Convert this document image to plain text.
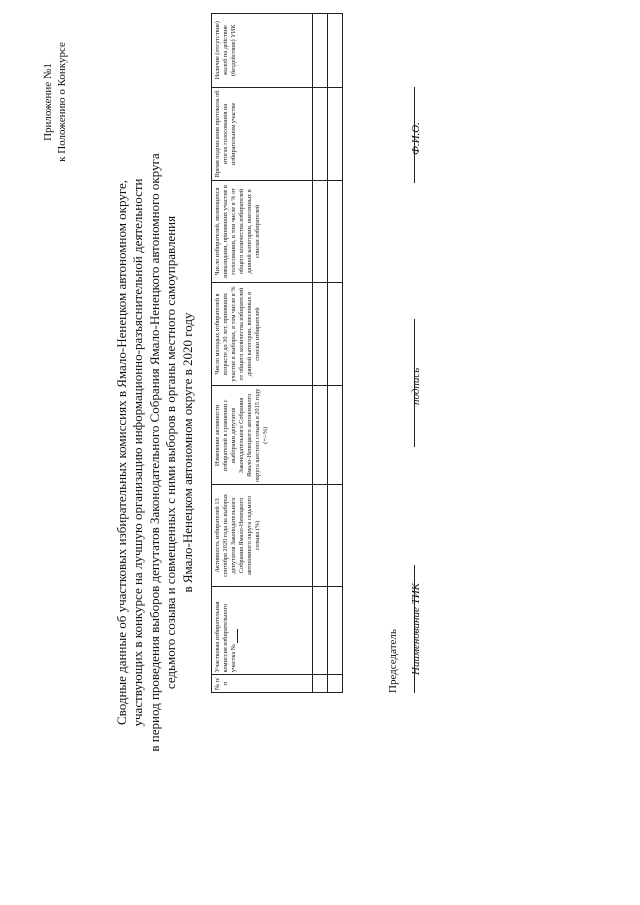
Приложение №1 к Положению о Конкурсе
Сводные данные об участковых избирательных комиссиях в Ямало-Ненецком автономном округе, участвующих в конкурсе на лучшую организацию информационно-разъяснительной деятельности в период проведения выборов депутатов Законодательного Собрания Ямало-Ненецкого автономного округа седьмого созыва и совмещенных с ними выборов в органы местного самоуправления в Ямало-Ненецком автономном округе в 2020 году
№ п/п	Участковая избирательная комиссия избирательного участка №	Активность избирателей 13 сентября 2020 года на выборах депутатов Законодательного Собрания Ямало-Ненецкого автономного округа седьмого созыва (%)	Изменение активности избирателей в сравнении с выборами депутатов Законодательного Собрания Ямало-Ненецкого автономного округа шестого созыва в 2015 году (+/-%)	Число молодых избирателей в возрасте до 30 лет, принявших участие в выборах, в том числе в % от общего количества избирателей данной категории, внесенных в списки избирателей	Число избирателей, являющихся инвалидами, принявших участие в голосовании, в том числе в % от общего количества избирателей данной категории, внесенных в списки избирателей	Время подписания протокола об итогах голосования на избирательном участке	Наличие (отсутствие) жалоб на действие (бездействие) УИК

Председатель Наименование ТИК
подпись
Ф.И.О.
